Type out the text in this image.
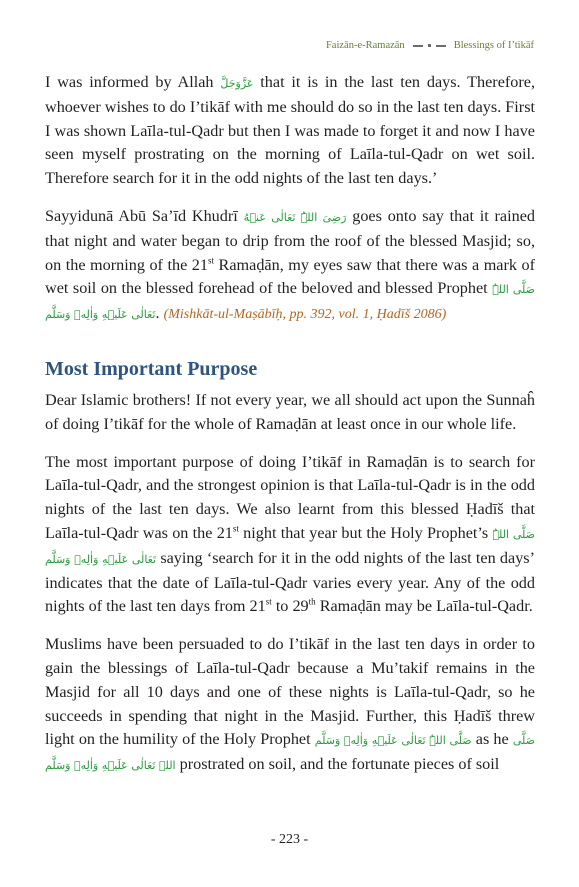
Faizān-e-Ramazān	Blessings of I’tikāf

I was informed by Allah عَزَّوَجَلَّ that it is in the last ten days. Therefore, whoever wishes to do I’tikāf with me should do so in the last ten days. First I was shown Laīla-tul-Qadr but then I was made to forget it and now I have seen myself prostrating on the morning of Laīla-tul-Qadr on wet soil. Therefore search for it in the odd nights of the last ten days.’

Sayyidunā Abū Sa’īd Khudrī رَضِیَ اللہُ تَعَالٰی عَنۡهُ goes onto say that it rained that night and water began to drip from the roof of the blessed Masjid; so, on the morning of the 21st Ramaḍān, my eyes saw that there was a mark of wet soil on the blessed forehead of the beloved and blessed Prophet صَلَّی اللہُ تَعَالٰی عَلَیۡهِ وَاٰلِهٖ وَسَلَّم. (Mishkāt-ul-Maṣābīḥ, pp. 392, vol. 1, Ḥadīš 2086)

Most Important Purpose

Dear Islamic brothers! If not every year, we all should act upon the Sunnaĥ of doing I’tikāf for the whole of Ramaḍān at least once in our whole life.

The most important purpose of doing I’tikāf in Ramaḍān is to search for Laīla-tul-Qadr, and the strongest opinion is that Laīla-tul-Qadr is in the odd nights of the last ten days. We also learnt from this blessed Ḥadīš that Laīla-tul-Qadr was on the 21st night that year but the Holy Prophet’s صَلَّی اللہُ تَعَالٰی عَلَیۡهِ وَاٰلِهٖ وَسَلَّم saying ‘search for it in the odd nights of the last ten days’ indicates that the date of Laīla-tul-Qadr varies every year. Any of the odd nights of the last ten days from 21st to 29th Ramaḍān may be Laīla-tul-Qadr.

Muslims have been persuaded to do I’tikāf in the last ten days in order to gain the blessings of Laīla-tul-Qadr because a Mu’takif remains in the Masjid for all 10 days and one of these nights is Laīla-tul-Qadr, so he succeeds in spending that night in the Masjid. Further, this Ḥadīš threw light on the humility of the Holy Prophet صَلَّی اللہُ تَعَالٰی عَلَیۡهِ وَاٰلِهٖ وَسَلَّم as he صَلَّی اللہ تَعَالٰی عَلَیۡهِ وَاٰلِهٖ وَسَلَّم prostrated on soil, and the fortunate pieces of soil

- 223 -
